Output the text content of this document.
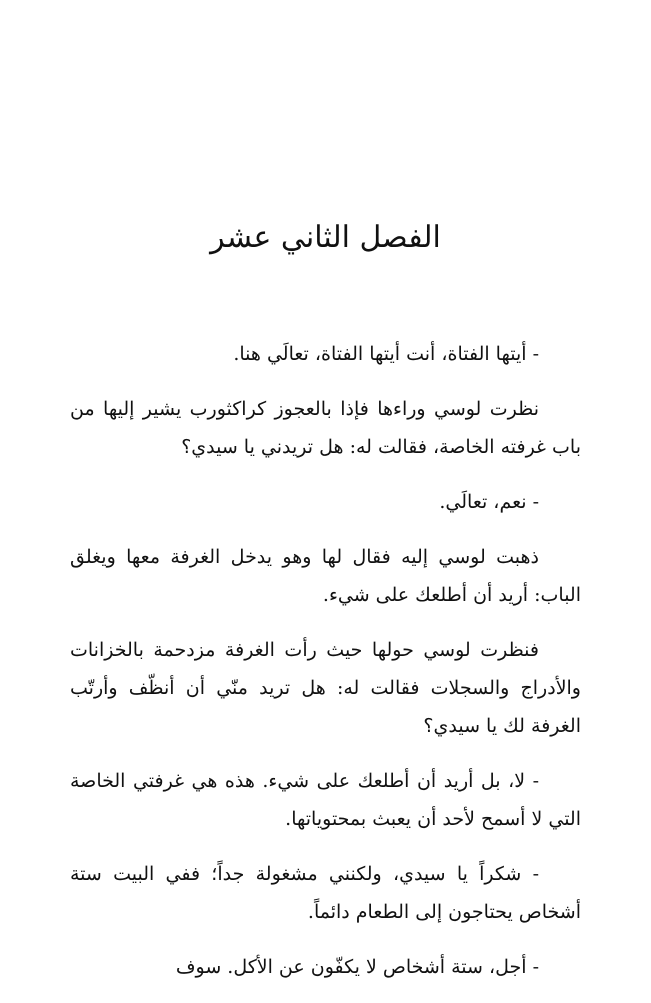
الفصل الثاني عشر

- أيتها الفتاة، أنت أيتها الفتاة، تعالَي هنا.

نظرت لوسي وراءها فإذا بالعجوز كراكثورب يشير إليها من باب غرفته الخاصة، فقالت له: هل تريدني يا سيدي؟

- نعم، تعالَي.

ذهبت لوسي إليه فقال لها وهو يدخل الغرفة معها ويغلق الباب: أريد أن أطلعك على شيء.

فنظرت لوسي حولها حيث رأت الغرفة مزدحمة بالخزانات والأدراج والسجلات فقالت له: هل تريد منّي أن أنظّف وأرتّب الغرفة لك يا سيدي؟

- لا، بل أريد أن أطلعك على شيء. هذه هي غرفتي الخاصة التي لا أسمح لأحد أن يعبث بمحتوياتها.

- شكراً يا سيدي، ولكنني مشغولة جداً؛ ففي البيت ستة أشخاص يحتاجون إلى الطعام دائماً.

- أجل، ستة أشخاص لا يكفّون عن الأكل. سوف
